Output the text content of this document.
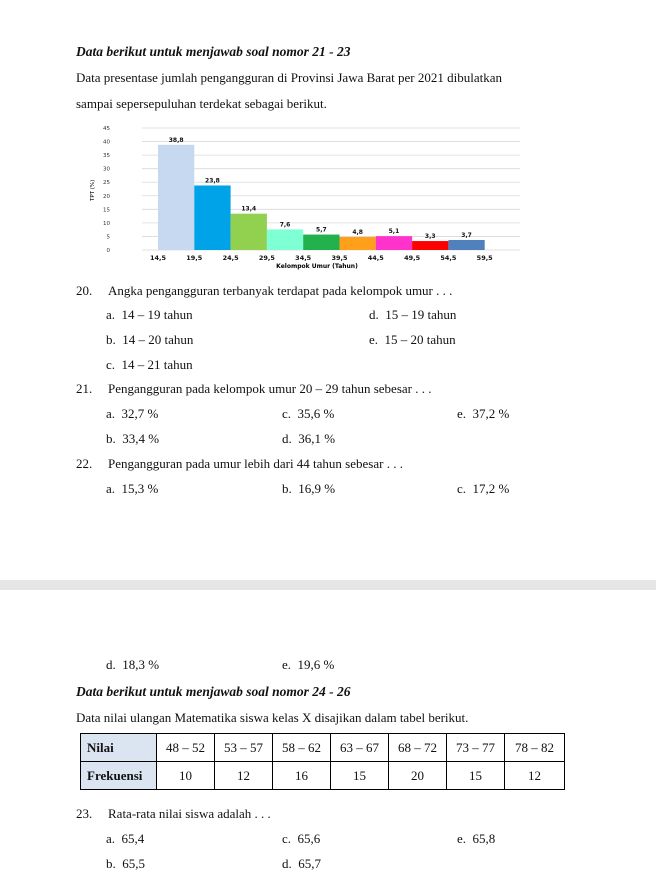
Data berikut untuk menjawab soal nomor 21 - 23
Data presentase jumlah pengangguran di Provinsi Jawa Barat per 2021 dibulatkan
sampai sepersepuluhan terdekat sebagai berikut.
0
5
10
15
20
25
30
35
40
45
38,8
23,8
13,4
7,6
5,7	4,8	5,1
3,3	3,7
14,5	19,5	24,5	29,5	34,5	39,5	44,5	49,5	54,5	59,5
TPT (%)
Kelompok Umur (Tahun)
20. Angka pengangguran terbanyak terdapat pada kelompok umur . . .
a. 14 – 19 tahun
b. 14 – 20 tahun
c. 14 – 21 tahun
d. 15 – 19 tahun
e. 15 – 20 tahun
21. Pengangguran pada kelompok umur 20 – 29 tahun sebesar . . .
a. 32,7 %
b. 33,4 %
c. 35,6 %
d. 36,1 %
e. 37,2 %
22. Pengangguran pada umur lebih dari 44 tahun sebesar . . .
a. 15,3 %	b. 16,9 %	c. 17,2 %
d. 18,3 %	e. 19,6 %
Data berikut untuk menjawab soal nomor 24 - 26
Data nilai ulangan Matematika siswa kelas X disajikan dalam tabel berikut.
Nilai	48 – 52	53 – 57	58 – 62	63 – 67	68 – 72	73 – 77	78 – 82
Frekuensi	10	12	16	15	20	15	12
23. Rata-rata nilai siswa adalah . . .
a. 65,4
b. 65,5
c. 65,6
d. 65,7
e. 65,8
